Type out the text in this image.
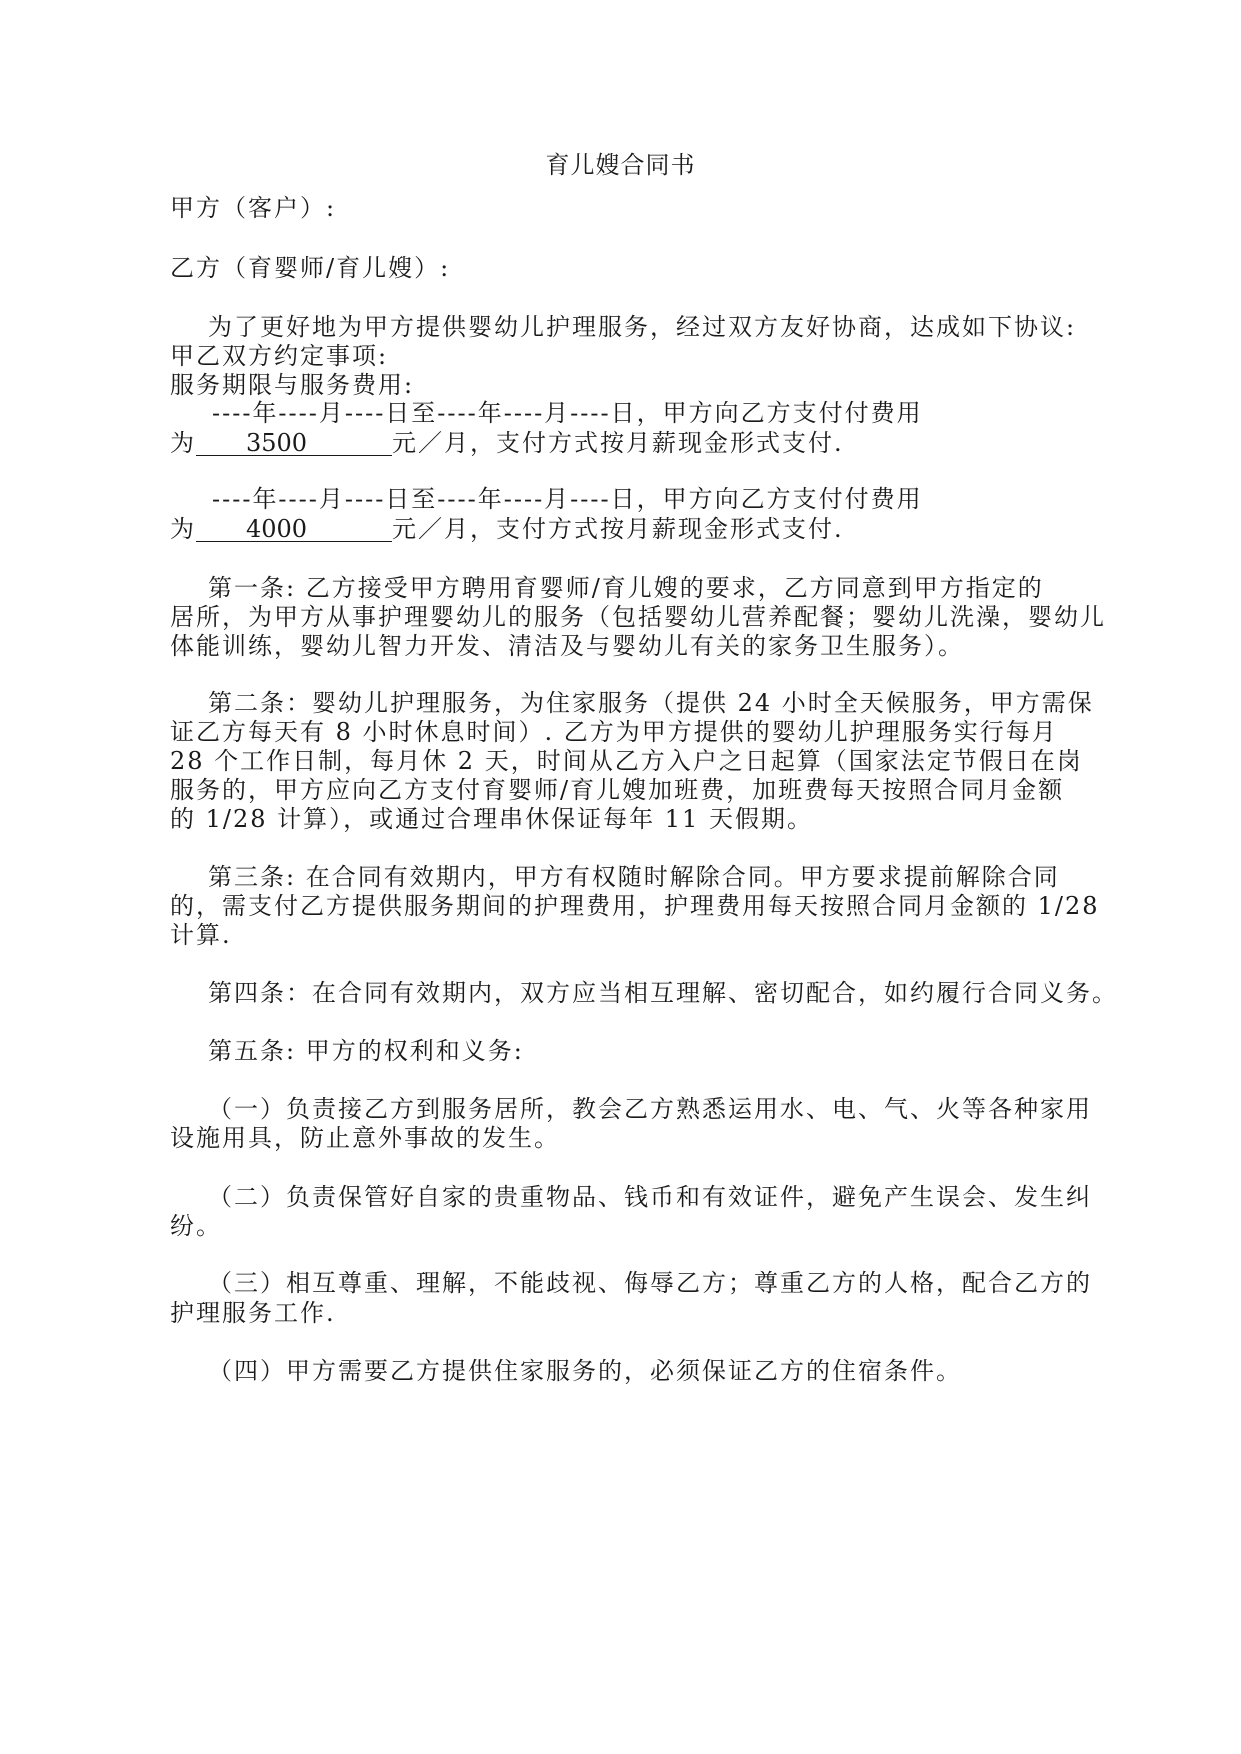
育儿嫂合同书
甲方（客户）:
乙方（育婴师/育儿嫂）:
为了更好地为甲方提供婴幼儿护理服务，经过双方友好协商，达成如下协议:
甲乙双方约定事项:
服务期限与服务费用:
----年----月----日至----年----月----日，甲方向乙方支付付费用
为 3500	元／月，支付方式按月薪现金形式支付.
----年----月----日至----年----月----日，甲方向乙方支付付费用
为 4000	元／月，支付方式按月薪现金形式支付.
第一条: 乙方接受甲方聘用育婴师/育儿嫂的要求，乙方同意到甲方指定的
居所，为甲方从事护理婴幼儿的服务（包括婴幼儿营养配餐；婴幼儿洗澡，婴幼儿
体能训练，婴幼儿智力开发、清洁及与婴幼儿有关的家务卫生服务）。
第二条：婴幼儿护理服务，为住家服务（提供 24 小时全天候服务，甲方需保
证乙方每天有 8 小时休息时间）. 乙方为甲方提供的婴幼儿护理服务实行每月
28 个工作日制，每月休 2 天，时间从乙方入户之日起算（国家法定节假日在岗
服务的，甲方应向乙方支付育婴师/育儿嫂加班费，加班费每天按照合同月金额
的 1/28 计算），或通过合理串休保证每年 11 天假期。
第三条: 在合同有效期内，甲方有权随时解除合同。甲方要求提前解除合同
的，需支付乙方提供服务期间的护理费用，护理费用每天按照合同月金额的 1/28
计算.
第四条：在合同有效期内，双方应当相互理解、密切配合，如约履行合同义务。
第五条: 甲方的权利和义务:
（一）负责接乙方到服务居所，教会乙方熟悉运用水、电、气、火等各种家用
设施用具，防止意外事故的发生。
（二）负责保管好自家的贵重物品、钱币和有效证件，避免产生误会、发生纠
纷。
（三）相互尊重、理解，不能歧视、侮辱乙方；尊重乙方的人格，配合乙方的
护理服务工作.
（四）甲方需要乙方提供住家服务的，必须保证乙方的住宿条件。
